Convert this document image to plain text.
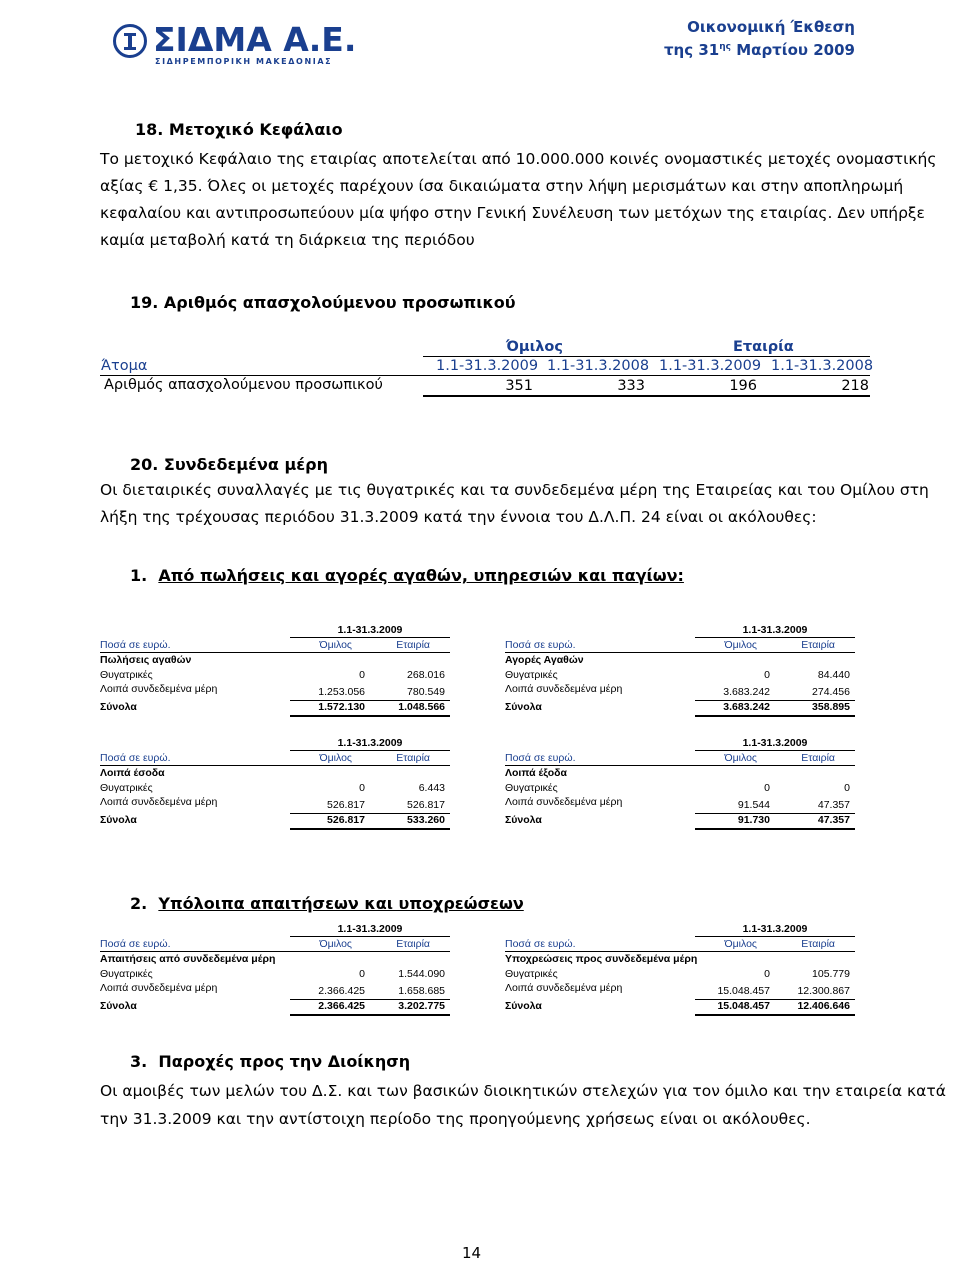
ΣΙΔΜΑ Α.Ε.
ΣΙΔΗΡΕΜΠΟΡΙΚΗ ΜΑΚΕΔΟΝΙΑΣ
Οικονομική Έκθεση
της $31^{\eta\varsigma}$ Μαρτίου 2009
18. Μετοχικό Κεφάλαιο
Το μετοχικό Κεφάλαιο της εταιρίας αποτελείται από 10.000.000 κοινές ονομαστικές μετοχές ονομαστικής
αξίας € 1,35. Όλες οι μετοχές παρέχουν ίσα δικαιώματα στην λήψη μερισμάτων και στην αποπληρωμή
κεφαλαίου και αντιπροσωπεύουν μία ψήφο στην Γενική Συνέλευση των μετόχων της εταιρίας. Δεν υπήρξε
καμία μεταβολή κατά τη διάρκεια της περιόδου
19. Αριθμός απασχολούμενου προσωπικού
Όμιλος	Εταιρία
Άτομα	1.1-31.3.2009 1.1-31.3.2008 1.1-31.3.2009 1.1-31.3.2008
Αριθμός απασχολούμενου προσωπικού	351	333	196	218
20. Συνδεδεμένα μέρη
Οι διεταιρικές συναλλαγές με τις θυγατρικές και τα συνδεδεμένα μέρη της Εταιρείας και του Ομίλου στη
λήξη της τρέχουσας περιόδου 31.3.2009 κατά την έννοια του Δ.Λ.Π. 24 είναι οι ακόλουθες:
1. Από πωλήσεις και αγορές αγαθών, υπηρεσιών και παγίων:
1.1-31.3.2009
Ποσά σε ευρώ.	Όμιλος	Εταιρία
Πωλήσεις αγαθών
Θυγατρικές	0	268.016
Λοιπά συνδεδεμένα μέρη	1.253.056	780.549
Σύνολα	1.572.130	1.048.566
1.1-31.3.2009
Ποσά σε ευρώ.	Όμιλος	Εταιρία
Αγορές Αγαθών
Θυγατρικές	0	84.440
Λοιπά συνδεδεμένα μέρη	3.683.242	274.456
Σύνολα	3.683.242	358.895
1.1-31.3.2009
Ποσά σε ευρώ.	Όμιλος	Εταιρία
Λοιπά έσοδα
Θυγατρικές	0	6.443
Λοιπά συνδεδεμένα μέρη	526.817	526.817
Σύνολα	526.817	533.260
1.1-31.3.2009
Ποσά σε ευρώ.	Όμιλος	Εταιρία
Λοιπά έξοδα
Θυγατρικές	0	0
Λοιπά συνδεδεμένα μέρη	91.544	47.357
Σύνολα	91.730	47.357
1.1-31.3.2009
Ποσά σε ευρώ.	Όμιλος	Εταιρία
Απαιτήσεις από συνδεδεμένα μέρη
Θυγατρικές	0	1.544.090
Λοιπά συνδεδεμένα μέρη	2.366.425	1.658.685
Σύνολα	2.366.425	3.202.775
1.1-31.3.2009
Ποσά σε ευρώ.	Όμιλος	Εταιρία
Υποχρεώσεις προς συνδεδεμένα μέρη
Θυγατρικές	0	105.779
Λοιπά συνδεδεμένα μέρη	15.048.457	12.300.867
Σύνολα	15.048.457	12.406.646
2. Υπόλοιπα απαιτήσεων και υποχρεώσεων
3. Παροχές προς την Διοίκηση
Οι αμοιβές των μελών του Δ.Σ. και των βασικών διοικητικών στελεχών για τον όμιλο και την εταιρεία κατά
την 31.3.2009 και την αντίστοιχη περίοδο της προηγούμενης χρήσεως είναι οι ακόλουθες.
14
